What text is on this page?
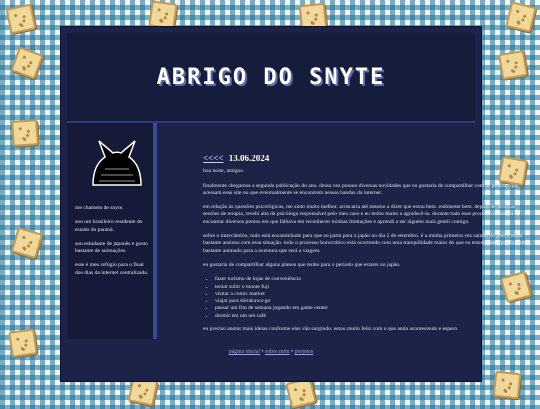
ABRIGO DO SNYTE

me chamem de snyte.

sou um brasileiro residente do estado do paraná.

sou estudante de japonês e gosto bastante de animações.

esse é meu refúgio para o final dos dias da internet centralizada.

<<<< 13.06.2024

boa noite, amigos.

finalmente chegamos a segunda publicação do ano. dessa vez possuo diversas novidades que eu gostaria de compartilhar com as pessoas que acessam esse site ou que eventualmente se encontrem nessas bandas da internet.

em relação às questões psicológicas, me sinto muito melhor. arriscaria até mesmo a dizer que estou bem. realmente bem. depois de diversas sessões de terapia, recebi alta da psicóloga responsável pelo meu caso e eu tenho muito a agradecê-la. durante todo esse processo consegui encontrar diversos pontos em que falhava em reconhecer minhas limitações e aprendi a ser alguém mais gentil comigo.

sobre o intercâmbio, tudo está encaminhado para que eu parta para o japão no dia 2 de setembro. é a minha primeira vez saindo do país e estou bastante ansioso com essa situação. todo o processo burocrático está ocorrendo com uma tranquilidade maior do que eu estava antecipando. estou bastante animado para a aventura que será a viagem.

eu gostaria de compartilhar alguns planos que tenho para o período que estarei no japão.

• fazer turismo de lojas de conveniência
• tentar subir o monte fuji
• visitar a comic market
• viajar para shirakawa-go
• passar um fim de semana jogando em game center
• dormir em um net café

eu preciso anotar mais ideias conforme elas vão surgindo. estou muito feliz com o que anda acontecendo e espero

página inicial • sobre mim • projetos
